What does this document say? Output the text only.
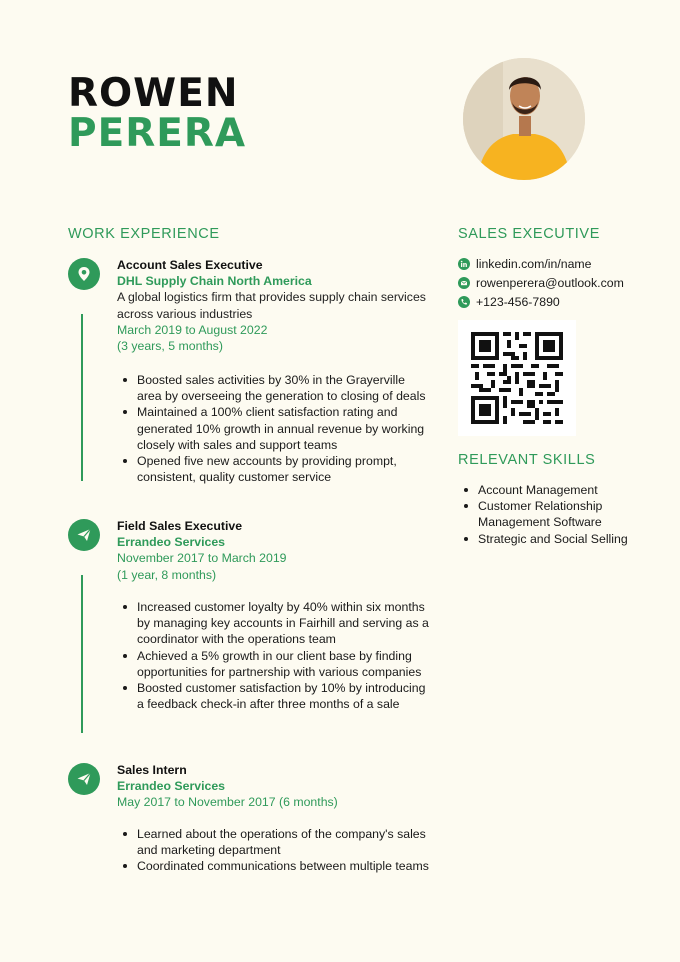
ROWEN
PERERA
WORK EXPERIENCE
Account Sales Executive
DHL Supply Chain North America
A global logistics firm that provides supply chain services across various industries
March 2019 to August 2022
(3 years, 5 months)
Boosted sales activities by 30% in the Grayerville area by overseeing the generation to closing of deals
Maintained a 100% client satisfaction rating and generated 10% growth in annual revenue by working closely with sales and support teams
Opened five new accounts by providing prompt, consistent, quality customer service
Field Sales Executive
Errandeo Services
November 2017 to March 2019
(1 year, 8 months)
Increased customer loyalty by 40% within six months by managing key accounts in Fairhill and serving as a coordinator with the operations team
Achieved a 5% growth in our client base by finding opportunities for partnership with various companies
Boosted customer satisfaction by 10% by introducing a feedback check-in after three months of a sale
Sales Intern
Errandeo Services
May 2017 to November 2017 (6 months)
Learned about the operations of the company's sales and marketing department
Coordinated communications between multiple teams
SALES EXECUTIVE
linkedin.com/in/name
rowenperera@outlook.com
+123-456-7890
RELEVANT SKILLS
Account Management
Customer Relationship Management Software
Strategic and Social Selling
